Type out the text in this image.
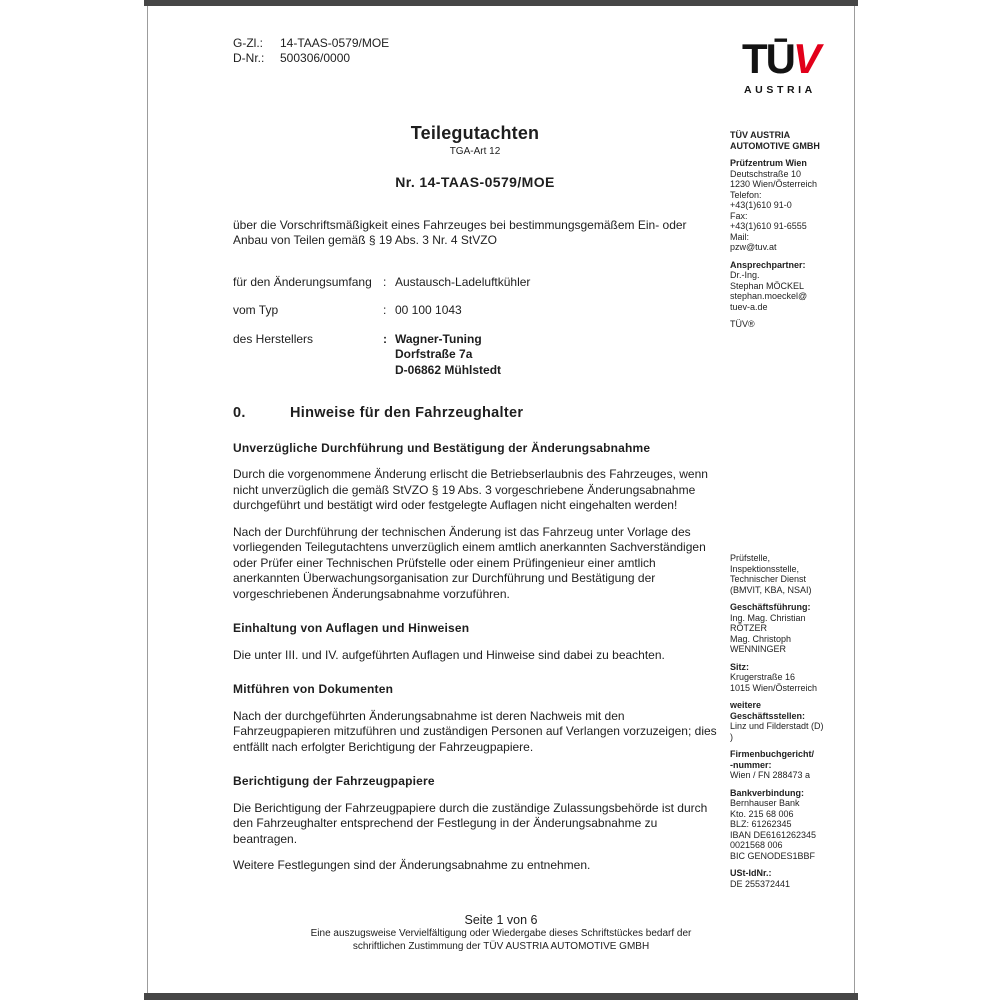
G-Zl.: 14-TAAS-0579/MOE
D-Nr.: 500306/0000	TŪV
AUSTRIA
Teilegutachten
TGA-Art 12
Nr. 14-TAAS-0579/MOE

über die Vorschriftsmäßigkeit eines Fahrzeuges bei bestimmungsgemäßem Ein- oder Anbau von Teilen gemäß § 19 Abs. 3 Nr. 4 StVZO

für den Änderungsumfang : Austausch-Ladeluftkühler
vom Typ	: 00 100 1043
des Herstellers	: Wagner-Tuning
Dorfstraße 7a
D-06862 Mühlstedt
0.	Hinweise für den Fahrzeughalter

Unverzügliche Durchführung und Bestätigung der Änderungsabnahme

Durch die vorgenommene Änderung erlischt die Betriebserlaubnis des Fahrzeuges, wenn nicht unverzüglich die gemäß StVZO § 19 Abs. 3 vorgeschriebene Änderungsabnahme durchgeführt und bestätigt wird oder festgelegte Auflagen nicht eingehalten werden!

Nach der Durchführung der technischen Änderung ist das Fahrzeug unter Vorlage des vorliegenden Teilegutachtens unverzüglich einem amtlich anerkannten Sachverständigen oder Prüfer einer Technischen Prüfstelle oder einem Prüfingenieur einer amtlich anerkannten Überwachungsorganisation zur Durchführung und Bestätigung der vorgeschriebenen Änderungsabnahme vorzuführen.

Einhaltung von Auflagen und Hinweisen

Die unter III. und IV. aufgeführten Auflagen und Hinweise sind dabei zu beachten.

Mitführen von Dokumenten

Nach der durchgeführten Änderungsabnahme ist deren Nachweis mit den Fahrzeugpapieren mitzuführen und zuständigen Personen auf Verlangen vorzuzeigen; dies entfällt nach erfolgter Berichtigung der Fahrzeugpapiere.

Berichtigung der Fahrzeugpapiere

Die Berichtigung der Fahrzeugpapiere durch die zuständige Zulassungsbehörde ist durch den Fahrzeughalter entsprechend der Festlegung in der Änderungsabnahme zu beantragen.

Weitere Festlegungen sind der Änderungsabnahme zu entnehmen.

TÜV AUSTRIA
AUTOMOTIVE GMBH
Prüfzentrum Wien
Deutschstraße 10
1230 Wien/Österreich
Telefon:
+43(1)610 91-0
Fax:
+43(1)610 91-6555
Mail:
pzw@tuv.at
Ansprechpartner:
Dr.-Ing.
Stephan MÖCKEL
stephan.moeckel@
tuev-a.de
TÜV®
Prüfstelle,
Inspektionsstelle,
Technischer Dienst
(BMVIT, KBA, NSAI)
Geschäftsführung:
Ing. Mag. Christian
RÖTZER
Mag. Christoph
WENNINGER
Sitz:
Krugerstraße 16
1015 Wien/Österreich
weitere
Geschäftsstellen:
Linz und Filderstadt (D)
)
Firmenbuchgericht/
-nummer:
Wien / FN 288473 a
Bankverbindung:
Bernhauser Bank
Kto. 215 68 006
BLZ: 61262345
IBAN DE6161262345
0021568 006
BIC GENODES1BBF
USt-IdNr.:
DE 255372441
Seite 1 von 6
Eine auszugsweise Vervielfältigung oder Wiedergabe dieses Schriftstückes bedarf der
schriftlichen Zustimmung der TÜV AUSTRIA AUTOMOTIVE GMBH
